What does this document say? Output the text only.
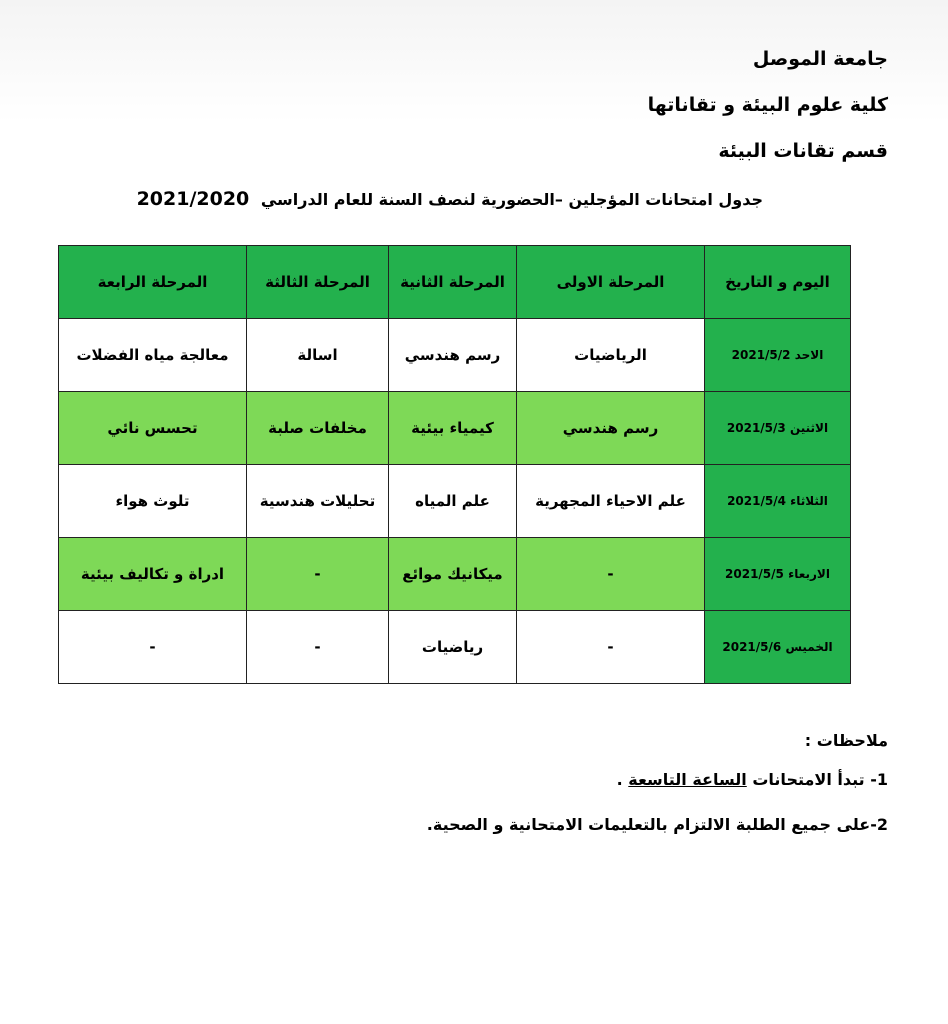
جامعة الموصل
كلية علوم البيئة و تقاناتها
قسم تقانات البيئة
جدول امتحانات المؤجلين –الحضورية لنصف السنة للعام الدراسي 2021/2020
اليوم و التاريخ	المرحلة الاولى	المرحلة الثانية	المرحلة الثالثة	المرحلة الرابعة
الاحد 2021/5/2	الرياضيات	رسم هندسي	اسالة	معالجة مياه الفضلات
الاثنين 2021/5/3	رسم هندسي	كيمياء بيئية	مخلفات صلبة	تحسس نائي
الثلاثاء 2021/5/4	علم الاحياء المجهرية	علم المياه	تحليلات هندسية	تلوث هواء
الاربعاء 2021/5/5	-	ميكانيك موائع	-	ادراة و تكاليف بيئية
الخميس 2021/5/6	-	رياضيات	-	-
ملاحظات :
1- تبدأ الامتحانات الساعة التاسعة .
2-على جميع الطلبة الالتزام بالتعليمات الامتحانية و الصحية.
